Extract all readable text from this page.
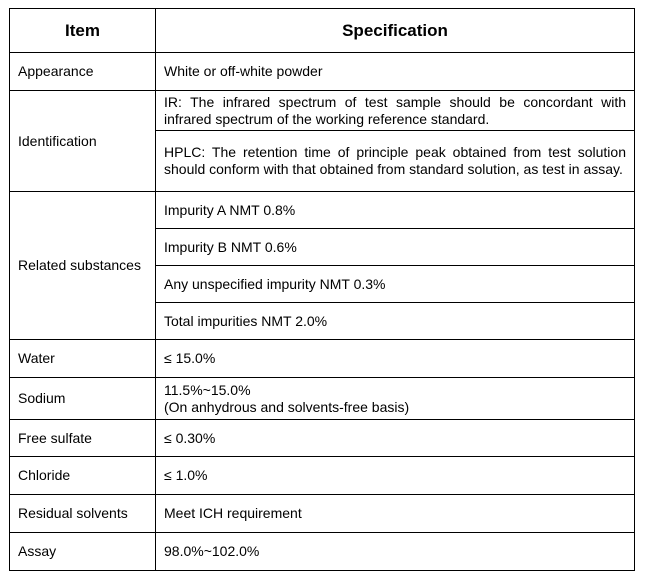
Item	Specification
Appearance	White or off-white powder
Identification	IR: The infrared spectrum of test sample should be concordant with infrared spectrum of the working reference standard.
	HPLC: The retention time of principle peak obtained from test solution should conform with that obtained from standard solution, as test in assay.
Related substances	Impurity A NMT 0.8%
	Impurity B NMT 0.6%
	Any unspecified impurity NMT 0.3%
	Total impurities NMT 2.0%
Water	≤ 15.0%
Sodium	11.5%~15.0%
(On anhydrous and solvents-free basis)

Free sulfate	≤ 0.30%
Chloride	≤ 1.0%
Residual solvents	Meet ICH requirement
Assay	98.0%~102.0%
